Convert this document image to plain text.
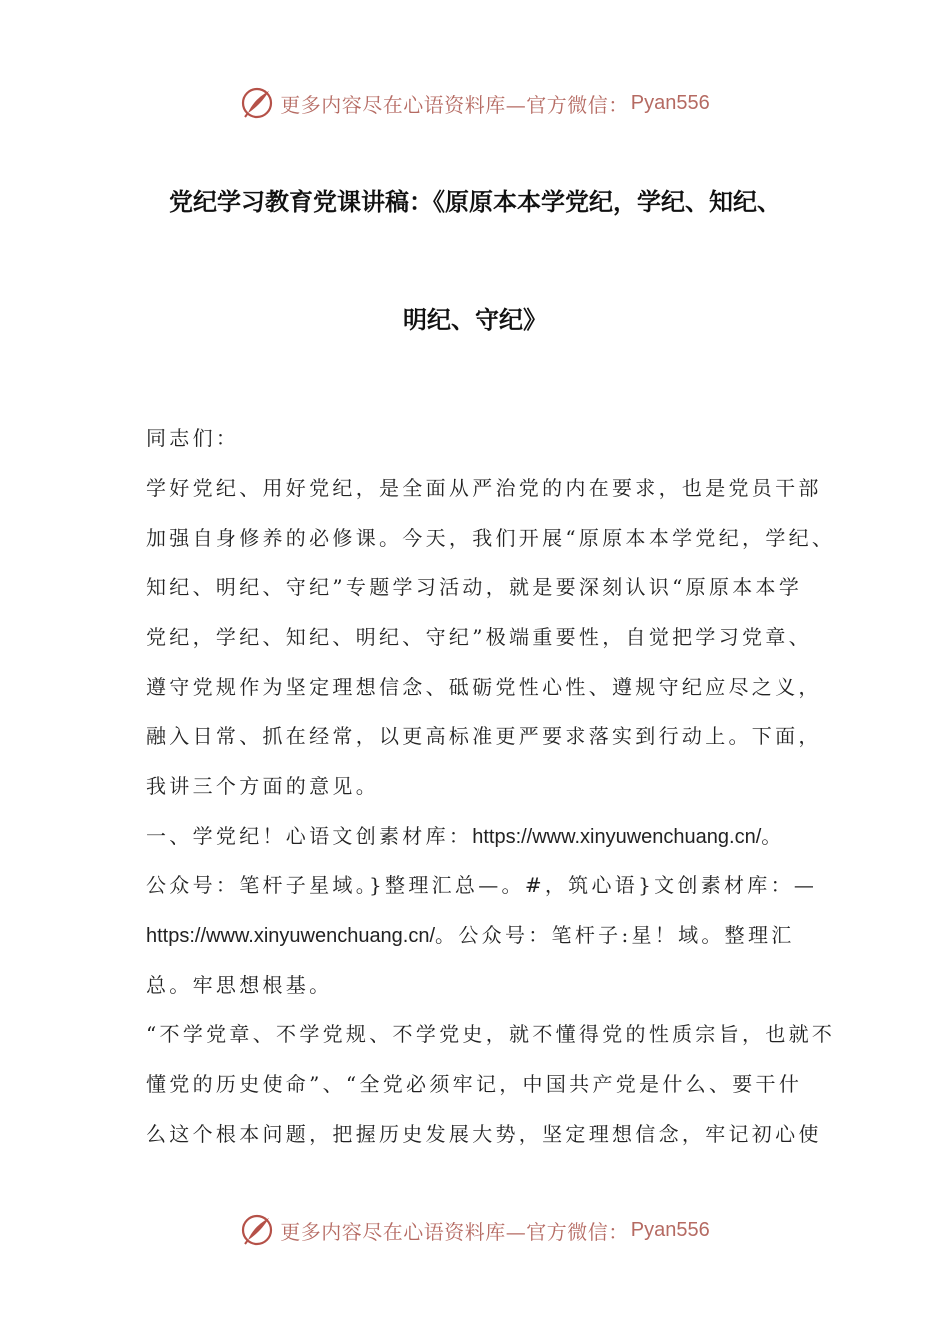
更多内容尽在心语资料库—官方微信： Pyan556
党纪学习教育党课讲稿：《原原本本学党纪，学纪、知纪、
明纪、守纪》
同志们：
学好党纪、用好党纪，是全面从严治党的内在要求，也是党员干部
加强自身修养的必修课。今天，我们开展“原原本本学党纪，学纪、
知纪、明纪、守纪”专题学习活动，就是要深刻认识“原原本本学
党纪，学纪、知纪、明纪、守纪”极端重要性，自觉把学习党章、
遵守党规作为坚定理想信念、砥砺党性心性、遵规守纪应尽之义，
融入日常、抓在经常，以更高标准更严要求落实到行动上。下面，
我讲三个方面的意见。
一、学党纪！心语文创素材库：https://www.xinyuwenchuang.cn/。
公众号：笔杆子星域。}整理汇总—。#，筑心语}文创素材库：—
https://www.xinyuwenchuang.cn/。公众号：笔杆子:星！域。整理汇
总。牢思想根基。
“不学党章、不学党规、不学党史，就不懂得党的性质宗旨，也就不
懂党的历史使命”、“全党必须牢记，中国共产党是什么、要干什
么这个根本问题，把握历史发展大势，坚定理想信念，牢记初心使
更多内容尽在心语资料库—官方微信： Pyan556
